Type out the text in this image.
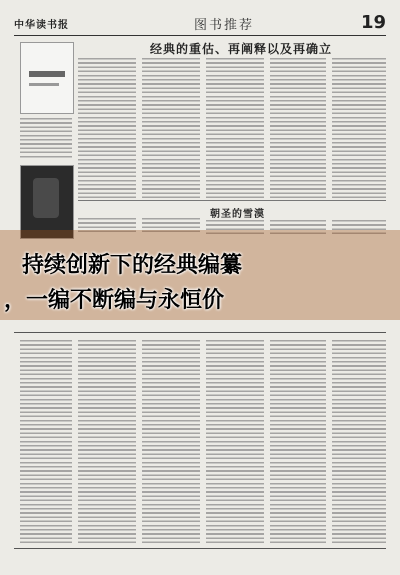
中华读书报	图书推荐	19
经典的重估、再阐释以及再确立
朝圣的雪漠
持续创新下的经典编纂
，一编不断编与永恒价
